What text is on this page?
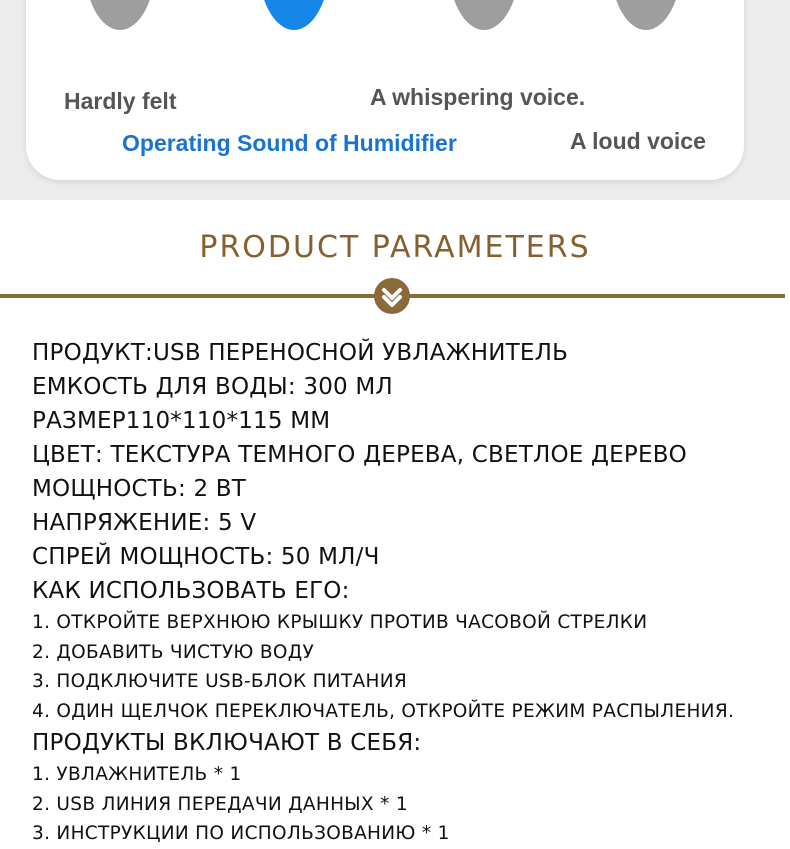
Hardly felt	A whispering voice.
Operating Sound of Humidifier	A loud voice
PRODUCT PARAMETERS
ПРОДУКТ:USB ПЕРЕНОСНОЙ УВЛАЖНИТЕЛЬ
ЕМКОСТЬ ДЛЯ ВОДЫ: 300 МЛ
РАЗМЕР110*110*115 ММ
ЦВЕТ: ТЕКСТУРА ТЕМНОГО ДЕРЕВА, СВЕТЛОЕ ДЕРЕВО
МОЩНОСТЬ: 2 ВТ
НАПРЯЖЕНИЕ: 5 V
СПРЕЙ МОЩНОСТЬ: 50 МЛ/Ч
КАК ИСПОЛЬЗОВАТЬ ЕГО:
1. ОТКРОЙТЕ ВЕРХНЮЮ КРЫШКУ ПРОТИВ ЧАСОВОЙ СТРЕЛКИ
2. ДОБАВИТЬ ЧИСТУЮ ВОДУ
3. ПОДКЛЮЧИТЕ USB-БЛОК ПИТАНИЯ
4. ОДИН ЩЕЛЧОК ПЕРЕКЛЮЧАТЕЛЬ, ОТКРОЙТЕ РЕЖИМ РАСПЫЛЕНИЯ.
ПРОДУКТЫ ВКЛЮЧАЮТ В СЕБЯ:
1. УВЛАЖНИТЕЛЬ * 1
2. USB ЛИНИЯ ПЕРЕДАЧИ ДАННЫХ * 1
3. ИНСТРУКЦИИ ПО ИСПОЛЬЗОВАНИЮ * 1
